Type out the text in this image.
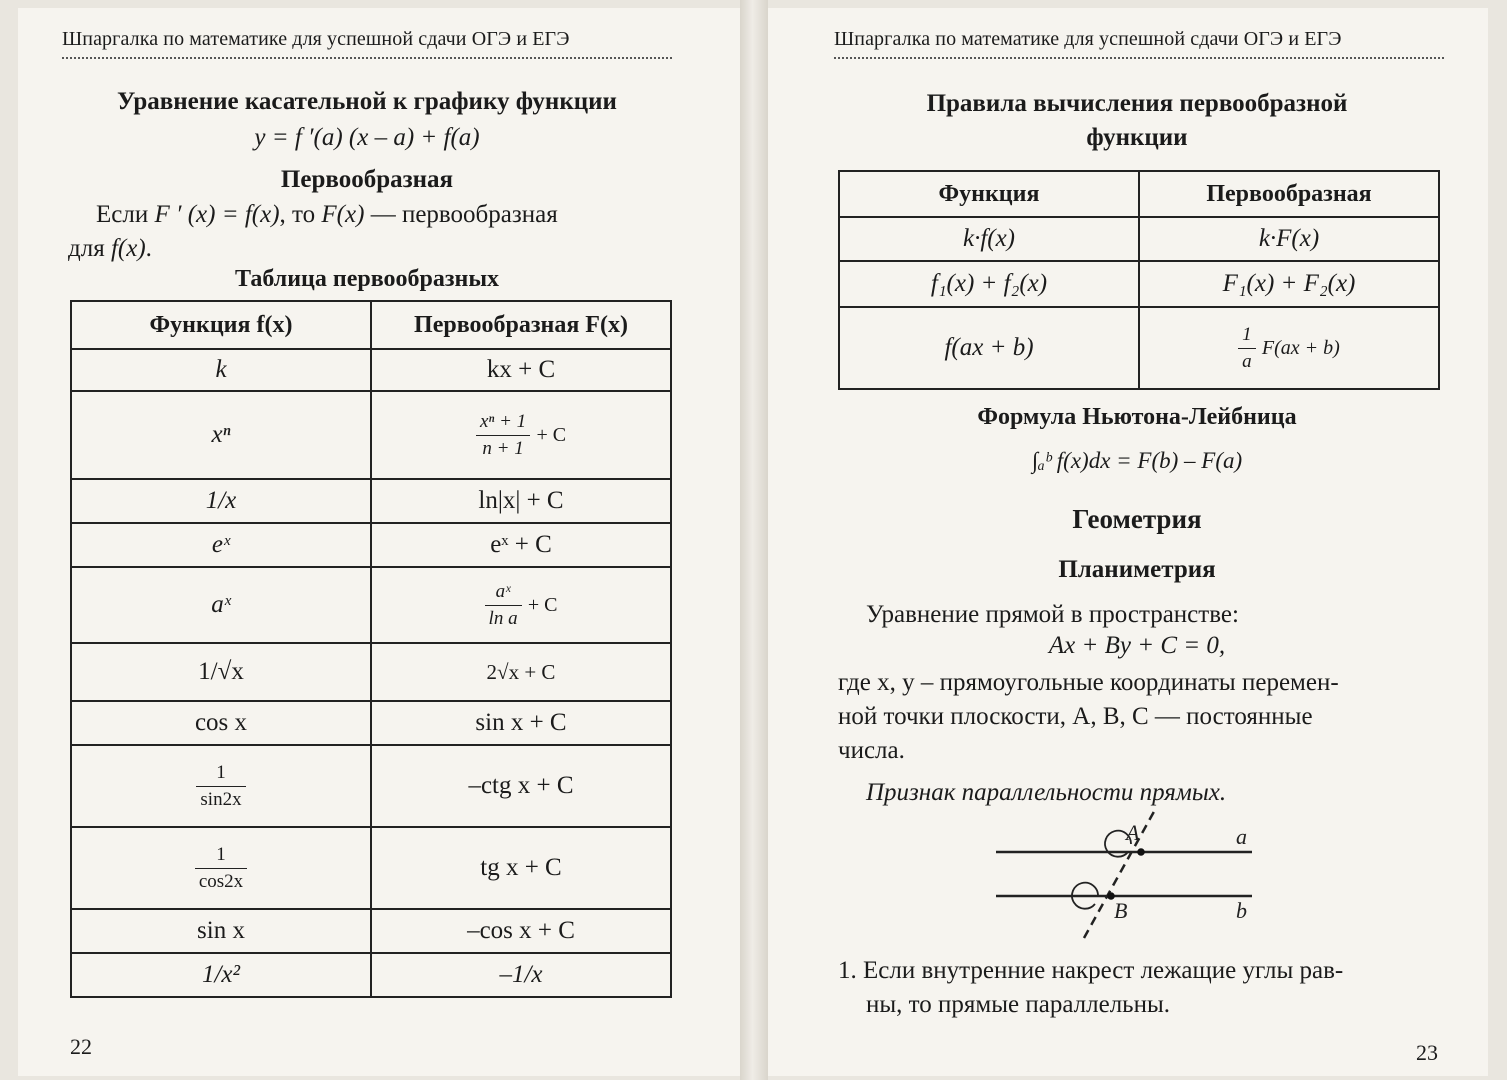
Шпаргалка по математике для успешной сдачи ОГЭ и ЕГЭ
Уравнение касательной к графику функции
y = f ′(a) (x – a) + f(a)
Первообразная
Если F ′ (x) = f(x), то F(x) — первообразная
для f(x).
Таблица первообразных
Функция f(x)	Первообразная F(x)
k	kx + C
xⁿ	$\frac{\text{xⁿ + 1}}{n + 1} + C$
1/x	ln|x| + C
eˣ	eˣ + C
aˣ	$\frac{\text{aˣ}}{\text{ln a}} + C$
1/√x	2√x + C
cos x	sin x + C

$\frac{1}{\sin 2x}$	–ctg x + C

$\frac{1}{\cos 2x}$	tg x + C
sin x	–cos x + C
1/x²	–1/x
22
Шпаргалка по математике для успешной сдачи ОГЭ и ЕГЭ
Правила вычисления первообразной
функции
Функция	Первообразная
k·f(x)	k·F(x)
f₁(x) + f₂(x)	F₁(x) + F₂(x)
f(ax + b)	$\frac{1}{a} F(ax + b)$
Формула Ньютона-Лейбница
∫ₐᵇ f(x)dx = F(b) – F(a)
Геометрия
Планиметрия
Уравнение прямой в пространстве:
Ax + By + C = 0,
где x, y – прямоугольные координаты перемен-
ной точки плоскости, A, B, C — постоянные
числа.
Признак параллельности прямых.
A
B
a
b
1. Если внутренние накрест лежащие углы рав-
ны, то прямые параллельны.
23
